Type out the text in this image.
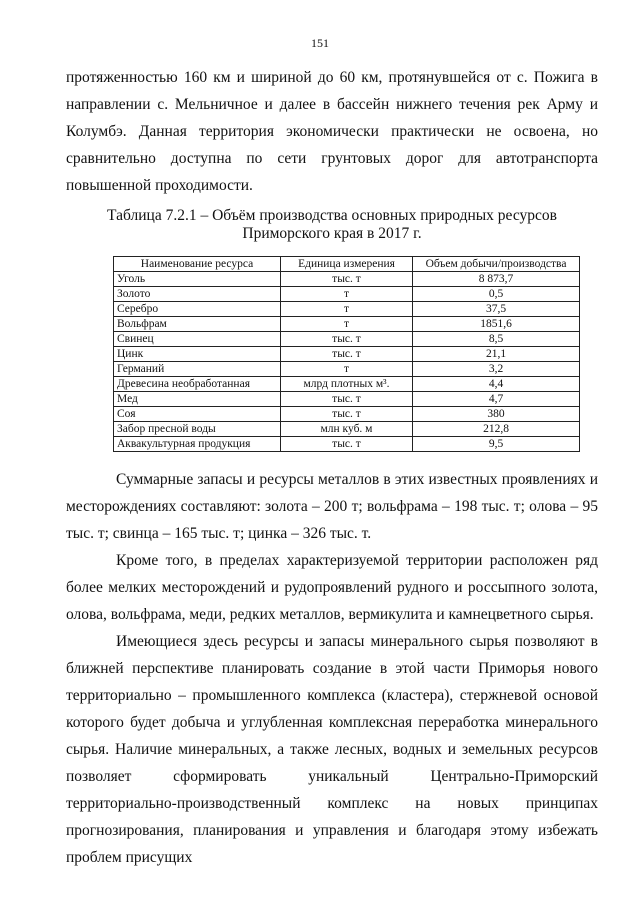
151

протяженностью 160 км и шириной до 60 км, протянувшейся от с. Пожига в направлении с. Мельничное и далее в бассейн нижнего течения рек Арму и Колумбэ. Данная территория экономически практически не освоена, но сравнительно доступна по сети грунтовых дорог для автотранспорта повышенной проходимости.

Таблица 7.2.1 – Объём производства основных природных ресурсов
Приморского края в 2017 г.
Наименование ресурса	Единица измерения	Объем добычи/производства
Уголь	тыс. т	8 873,7
Золото	т	0,5
Серебро	т	37,5
Вольфрам	т	1851,6
Свинец	тыс. т	8,5
Цинк	тыс. т	21,1
Германий	т	3,2
Древесина необработанная	млрд плотных м³.	4,4
Мед	тыс. т	4,7
Соя	тыс. т	380
Забор пресной воды	млн куб. м	212,8
Аквакультурная продукция	тыс. т	9,5

Суммарные запасы и ресурсы металлов в этих известных проявлениях и месторождениях составляют: золота – 200 т; вольфрама – 198 тыс. т; олова – 95 тыс. т; свинца – 165 тыс. т; цинка – 326 тыс. т.

Кроме того, в пределах характеризуемой территории расположен ряд более мелких месторождений и рудопроявлений рудного и россыпного золота, олова, вольфрама, меди, редких металлов, вермикулита и камнецветного сырья.

Имеющиеся здесь ресурсы и запасы минерального сырья позволяют в ближней перспективе планировать создание в этой части Приморья нового территориально – промышленного комплекса (кластера), стержневой основой которого будет добыча и углубленная комплексная переработка минерального сырья. Наличие минеральных, а также лесных, водных и земельных ресурсов позволяет сформировать уникальный Центрально-Приморский территориально-производственный комплекс на новых принципах прогнозирования, планирования и управления и благодаря этому избежать проблем присущих
